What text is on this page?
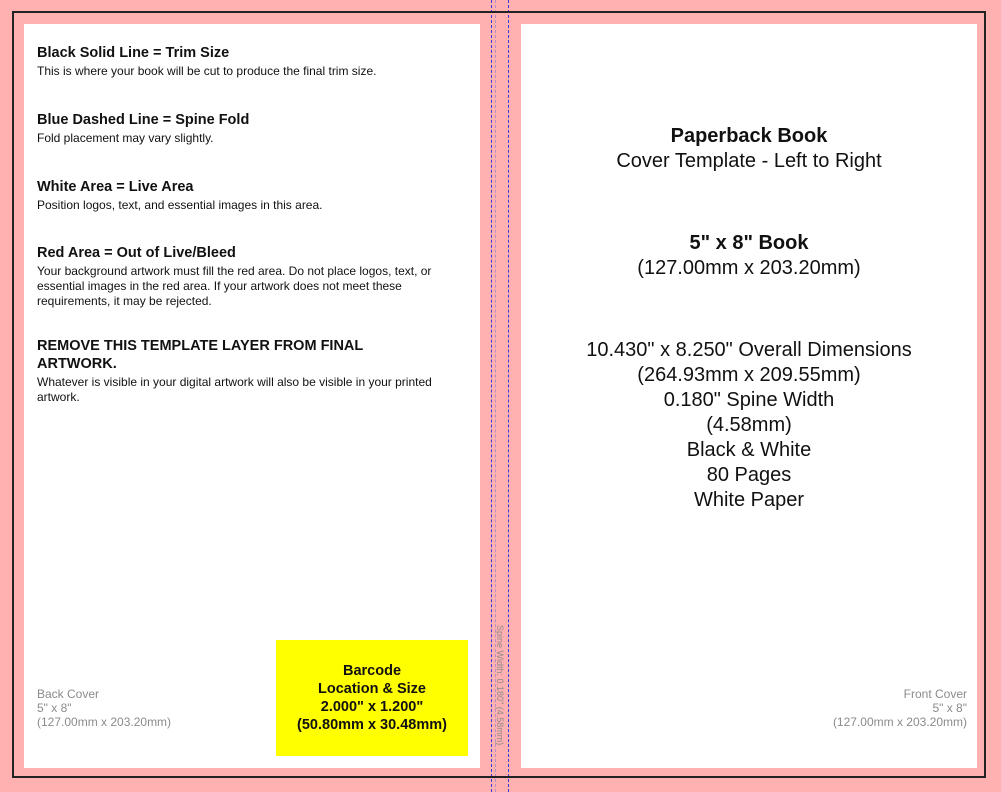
Black Solid Line = Trim Size
This is where your book will be cut to produce the final trim size.
Blue Dashed Line = Spine Fold
Fold placement may vary slightly.
White Area = Live Area
Position logos, text, and essential images in this area.
Red Area = Out of Live/Bleed
Your background artwork must fill the red area. Do not place logos, text, or essential images in the red area. If your artwork does not meet these requirements, it may be rejected.
REMOVE THIS TEMPLATE LAYER FROM FINAL ARTWORK.
Whatever is visible in your digital artwork will also be visible in your printed artwork.
Back Cover
5" x 8"
(127.00mm x 203.20mm)
Barcode
Location & Size
2.000" x 1.200"
(50.80mm x 30.48mm)
Paperback Book
Cover Template - Left to Right
5" x 8" Book
(127.00mm x 203.20mm)
10.430" x 8.250" Overall Dimensions
(264.93mm x 209.55mm)
0.180" Spine Width
(4.58mm)
Black & White
80 Pages
White Paper
Front Cover
5" x 8"
(127.00mm x 203.20mm)
Spine Width: 0.180" (4.58mm)
